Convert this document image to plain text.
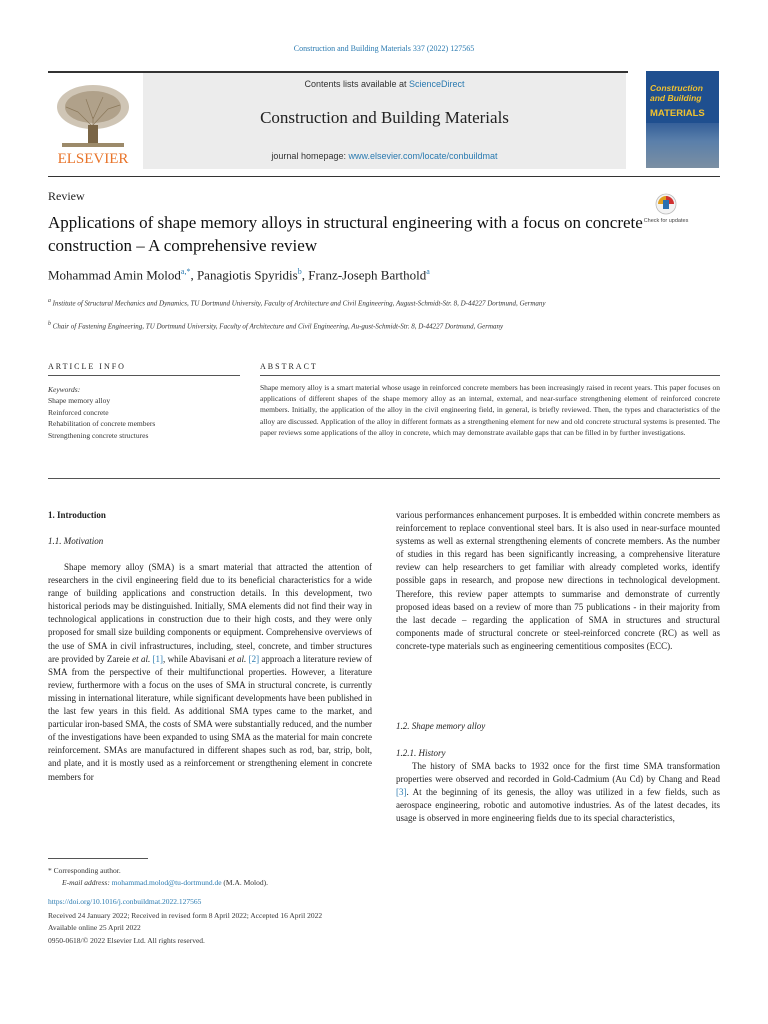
Construction and Building Materials 337 (2022) 127565
ELSEVIER
Contents lists available at ScienceDirect
Construction and Building Materials
journal homepage: www.elsevier.com/locate/conbuildmat
Construction
and Building
MATERIALS
Review
Applications of shape memory alloys in structural engineering with a focus on concrete construction – A comprehensive review
Check for updates
Mohammad Amin Molod$^{a,*}$, Panagiotis Spyridis$^b$, Franz-Joseph Barthold$^a$
$^a$ Institute of Structural Mechanics and Dynamics, TU Dortmund University, Faculty of Architecture and Civil Engineering, August-Schmidt-Str. 8, D-44227 Dortmund, Germany
$^b$ Chair of Fastening Engineering, TU Dortmund University, Faculty of Architecture and Civil Engineering, Au-gust-Schmidt-Str. 8, D-44227 Dortmund, Germany
ARTICLE INFO	ABSTRACT
Keywords:
Shape memory alloy
Reinforced concrete
Rehabilitation of concrete members
Strengthening concrete structures
Shape memory alloy is a smart material whose usage in reinforced concrete members has been increasingly raised in recent years. This paper focuses on applications of different shapes of the shape memory alloy as an internal, external, and near-surface strengthening element of reinforced concrete members. Initially, the application of the alloy in the civil engineering field, in general, is briefly reviewed. Then, the types and characteristics of the alloy are discussed. Application of the alloy in different formats as a strengthening element for new and old concrete structural systems is presented. The paper reviews some applications of the alloy in concrete, which may demonstrate available gaps that can be filled in by further investigations.
1. Introduction
1.1. Motivation
Shape memory alloy (SMA) is a smart material that attracted the attention of researchers in the civil engineering field due to its beneficial characteristics for a wide range of building applications and construction details. In this development, two historical periods may be distinguished. Initially, SMA elements did not find their way in technological applications in construction due to their high costs, and they were only proposed for small size building components or equipment. Comprehensive overviews of the use of SMA in civil infrastructures, including, steel, concrete, and timber structures are provided by Zareie et al. [1], while Abavisani et al. [2] approach a literature review of SMA from the perspective of their multifunctional properties. However, a literature review, furthermore with a focus on the uses of SMA in structural concrete, is currently missing in international literature, while significant developments have been published in the last few years in this field. As additional SMA types came to the market, and particular iron-based SMA, the costs of SMA were substantially reduced, and the number of the investigations have been expanded to using SMA as the material for main concrete reinforcement. SMAs are manufactured in different shapes such as rod, bar, strip, bolt, and plate, and it is mostly used as a reinforcement or strengthening element in concrete members for
various performances enhancement purposes. It is embedded within concrete members as reinforcement to replace conventional steel bars. It is also used in near-surface mounted systems as well as external strengthening elements of concrete members. As the number of studies in this regard has been significantly increasing, a comprehensive literature review can help researchers to get familiar with already completed works, identify possible gaps in research, and propose new directions in technological development. Therefore, this review paper attempts to summarise and demonstrate of currently proposed ideas based on a review of more than 75 publications - in their majority from the last decade – regarding the application of SMA in structures and structural components made of structural concrete or steel-reinforced concrete (RC) as well as concrete-type materials such as engineering cementitious composites (ECC).
1.2. Shape memory alloy
1.2.1. History
The history of SMA backs to 1932 once for the first time SMA transformation properties were observed and recorded in Gold-Cadmium (Au Cd) by Chang and Read [3]. At the beginning of its genesis, the alloy was utilized in a few fields, such as aerospace engineering, robotic and automotive industries. As of the latest decades, its usage is observed in more engineering fields due to its special characteristics,
* Corresponding author.
E-mail address: mohammad.molod@tu-dortmund.de (M.A. Molod).
https://doi.org/10.1016/j.conbuildmat.2022.127565
Received 24 January 2022; Received in revised form 8 April 2022; Accepted 16 April 2022
Available online 25 April 2022
0950-0618/© 2022 Elsevier Ltd. All rights reserved.
